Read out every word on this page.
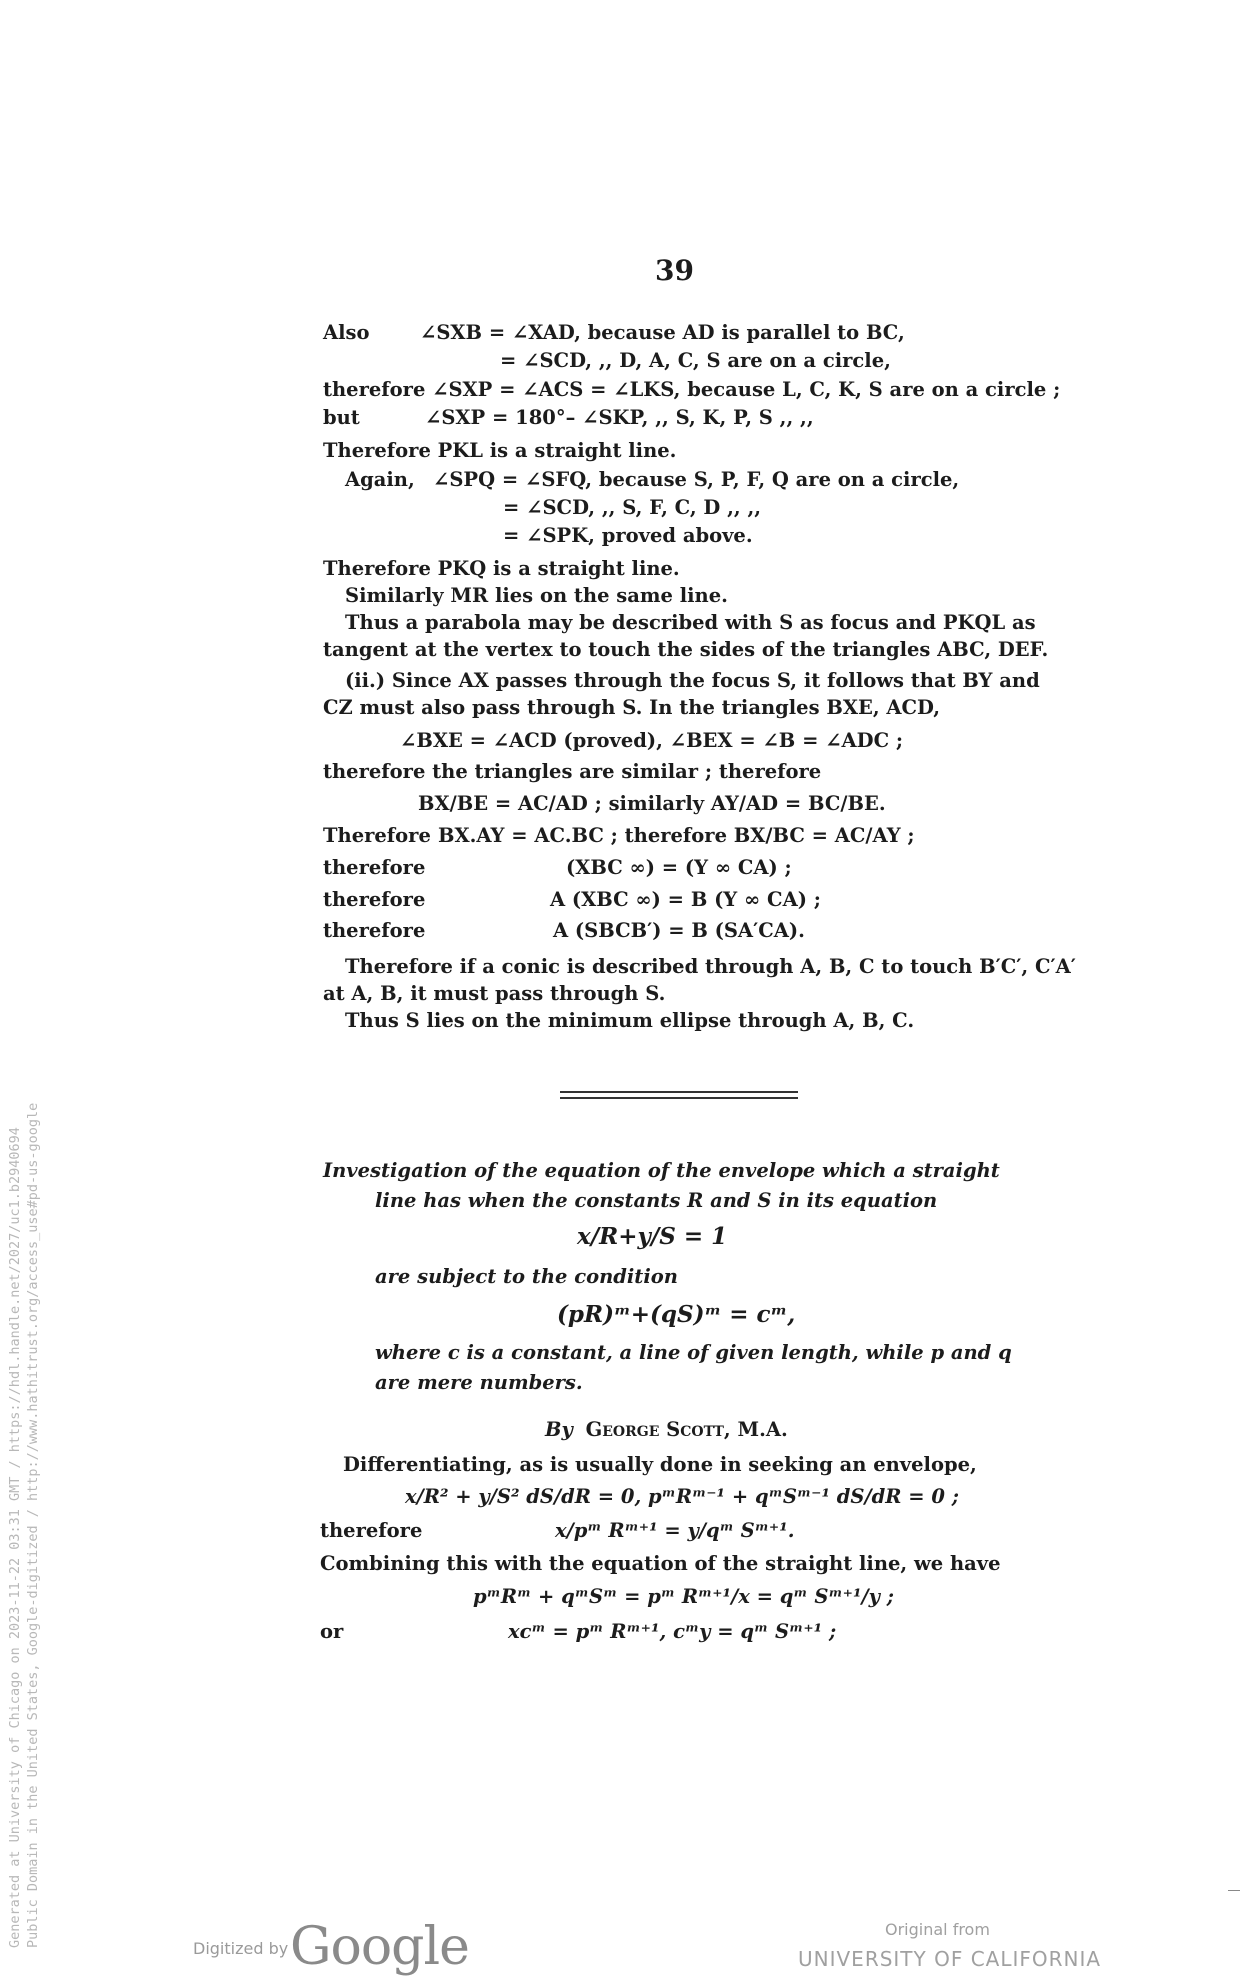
39
Also	∠SXB = ∠XAD, because AD is parallel to BC,
= ∠SCD, ,, D, A, C, S are on a circle,
therefore ∠SXP = ∠ACS = ∠LKS, because L, C, K, S are on a circle ;
but	∠SXP = 180°– ∠SKP, ,, S, K, P, S ,, ,,
Therefore PKL is a straight line.
Again, ∠SPQ = ∠SFQ, because S, P, F, Q are on a circle,
= ∠SCD, ,, S, F, C, D ,, ,,
= ∠SPK, proved above.
Therefore PKQ is a straight line.
Similarly MR lies on the same line.
Thus a parabola may be described with S as focus and PKQL as
tangent at the vertex to touch the sides of the triangles ABC, DEF.
(ii.) Since AX passes through the focus S, it follows that BY and
CZ must also pass through S. In the triangles BXE, ACD,
∠BXE = ∠ACD (proved), ∠BEX = ∠B = ∠ADC ;
therefore the triangles are similar ; therefore
BX/BE = AC/AD ; similarly AY/AD = BC/BE.
Therefore BX.AY = AC.BC ; therefore BX/BC = AC/AY ;
therefore	(XBC ∞) = (Y ∞ CA) ;
therefore	A (XBC ∞) = B (Y ∞ CA) ;
therefore	A (SBCB′) = B (SA′CA).
Therefore if a conic is described through A, B, C to touch B′C′, C′A′
at A, B, it must pass through S.
Thus S lies on the minimum ellipse through A, B, C.
Investigation of the equation of the envelope which a straight
line has when the constants R and S in its equation
x/R+y/S = 1
are subject to the condition
(pR)ᵐ+(qS)ᵐ = cᵐ,
where c is a constant, a line of given length, while p and q
are mere numbers.
By George Scott, M.A.
Differentiating, as is usually done in seeking an envelope,
x/R² + y/S² dS/dR = 0, pᵐRᵐ⁻¹ + qᵐSᵐ⁻¹ dS/dR = 0 ;
therefore	x/pᵐ Rᵐ⁺¹ = y/qᵐ Sᵐ⁺¹.
Combining this with the equation of the straight line, we have
pᵐRᵐ + qᵐSᵐ = pᵐ Rᵐ⁺¹/x = qᵐ Sᵐ⁺¹/y ;
or	xcᵐ = pᵐ Rᵐ⁺¹, cᵐy = qᵐ Sᵐ⁺¹ ;
Generated at University of Chicago on 2023-11-22 03:31 GMT / https://hdl.handle.net/2027/uc1.b2940694 Public Domain in the United States, Google-digitized / http://www.hathitrust.org/access_use#pd-us-google
Digitized by Google	Original from
UNIVERSITY OF CALIFORNIA
